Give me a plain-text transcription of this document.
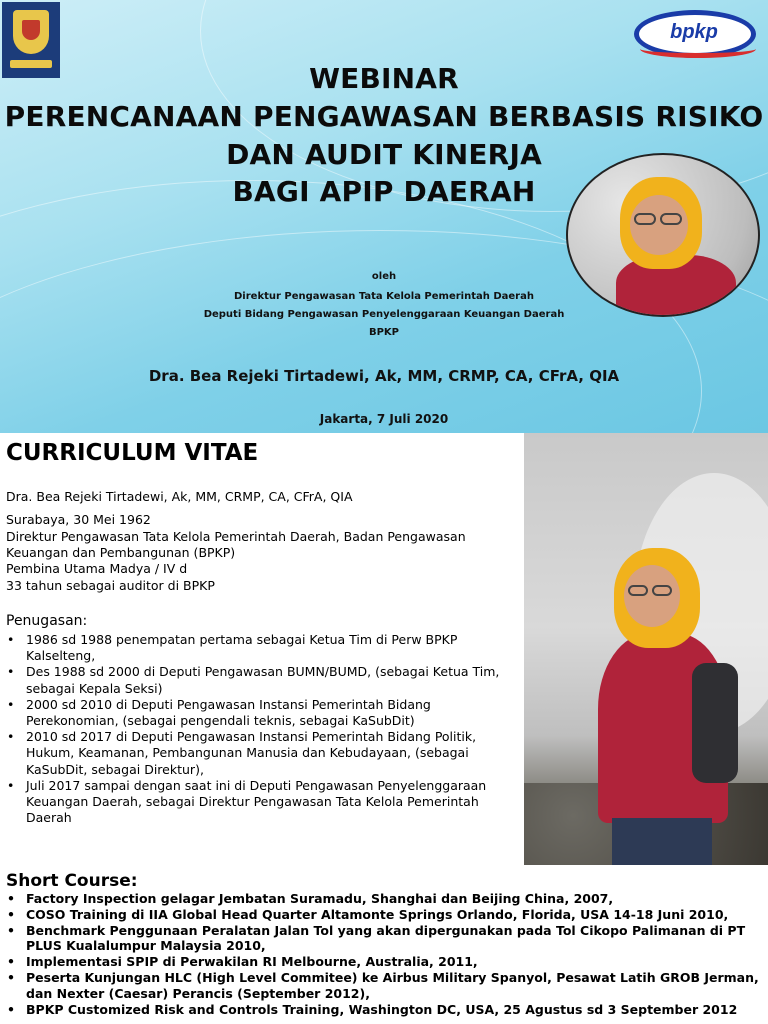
bpkp
WEBINAR
PERENCANAAN PENGAWASAN BERBASIS RISIKO
DAN AUDIT KINERJA
BAGI APIP DAERAH
oleh
Direktur Pengawasan Tata Kelola Pemerintah Daerah
Deputi Bidang Pengawasan Penyelenggaraan Keuangan Daerah
BPKP
Dra. Bea Rejeki Tirtadewi, Ak, MM, CRMP, CA, CFrA, QIA
Jakarta, 7 Juli 2020
CURRICULUM VITAE
Dra. Bea Rejeki Tirtadewi, Ak, MM, CRMP, CA, CFrA, QIA
Surabaya, 30 Mei 1962
Direktur Pengawasan Tata Kelola Pemerintah Daerah, Badan Pengawasan
Keuangan dan Pembangunan (BPKP)
Pembina Utama Madya / IV d
33 tahun sebagai auditor di BPKP
Penugasan:
• 1986 sd 1988 penempatan pertama sebagai Ketua Tim di Perw BPKP Kalselteng,
• Des 1988 sd 2000 di Deputi Pengawasan BUMN/BUMD, (sebagai Ketua Tim, sebagai Kepala Seksi)
• 2000 sd 2010 di Deputi Pengawasan Instansi Pemerintah Bidang Perekonomian, (sebagai pengendali teknis, sebagai KaSubDit)
• 2010 sd 2017 di Deputi Pengawasan Instansi Pemerintah Bidang Politik, Hukum, Keamanan, Pembangunan Manusia dan Kebudayaan, (sebagai KaSubDit, sebagai Direktur),
• Juli 2017 sampai dengan saat ini di Deputi Pengawasan Penyelenggaraan Keuangan Daerah, sebagai Direktur Pengawasan Tata Kelola Pemerintah Daerah
Short Course:
• Factory Inspection gelagar Jembatan Suramadu, Shanghai dan Beijing China, 2007,
• COSO Training di IIA Global Head Quarter Altamonte Springs Orlando, Florida, USA 14-18 Juni 2010,
• Benchmark Penggunaan Peralatan Jalan Tol yang akan dipergunakan pada Tol Cikopo Palimanan di PT PLUS Kualalumpur Malaysia 2010,
• Implementasi SPIP di Perwakilan RI Melbourne, Australia, 2011,
• Peserta Kunjungan HLC (High Level Commitee) ke Airbus Military Spanyol, Pesawat Latih GROB Jerman, dan Nexter (Caesar) Perancis (September 2012),
• BPKP Customized Risk and Controls Training, Washington DC, USA, 25 Agustus sd 3 September 2012
